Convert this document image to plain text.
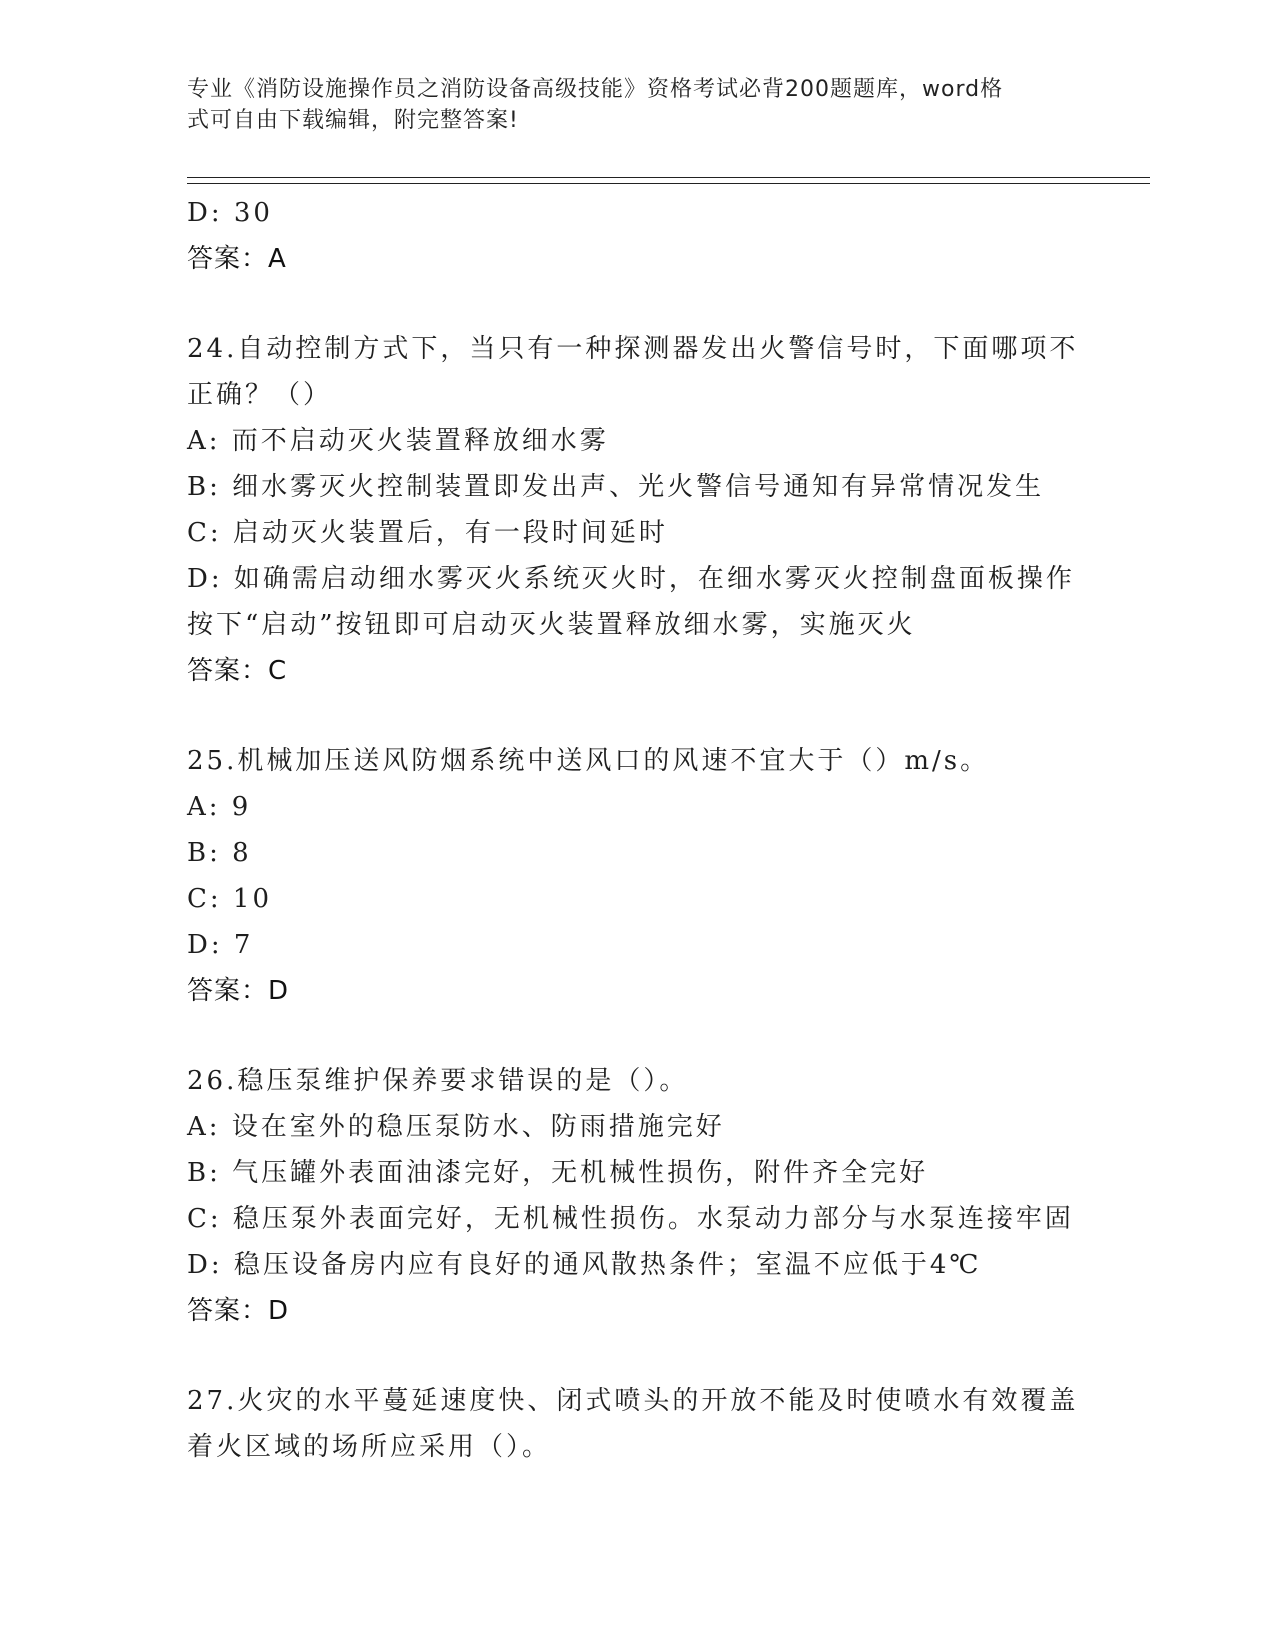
专业《消防设施操作员之消防设备高级技能》资格考试必背200题题库，word格
式可自由下载编辑，附完整答案!
D: 30
答案：A
24.自动控制方式下，当只有一种探测器发出火警信号时，下面哪项不
正确？（）
A: 而不启动灭火装置释放细水雾
B: 细水雾灭火控制装置即发出声、光火警信号通知有异常情况发生
C: 启动灭火装置后，有一段时间延时
D: 如确需启动细水雾灭火系统灭火时，在细水雾灭火控制盘面板操作
按下“启动”按钮即可启动灭火装置释放细水雾，实施灭火
答案：C
25.机械加压送风防烟系统中送风口的风速不宜大于（）m/s。
A: 9
B: 8
C: 10
D: 7
答案：D
26.稳压泵维护保养要求错误的是（）。
A: 设在室外的稳压泵防水、防雨措施完好
B: 气压罐外表面油漆完好，无机械性损伤，附件齐全完好
C: 稳压泵外表面完好，无机械性损伤。水泵动力部分与水泵连接牢固
D: 稳压设备房内应有良好的通风散热条件；室温不应低于4℃
答案：D
27.火灾的水平蔓延速度快、闭式喷头的开放不能及时使喷水有效覆盖
着火区域的场所应采用（）。
